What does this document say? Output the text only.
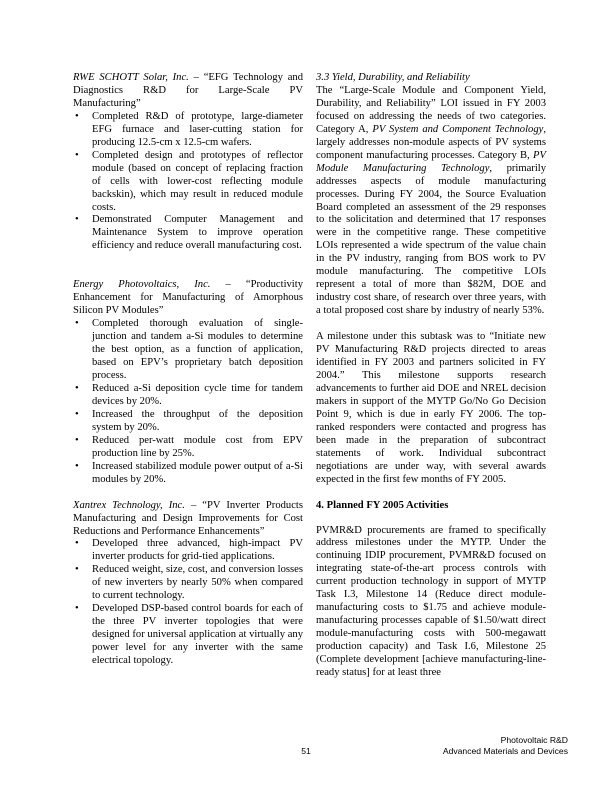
RWE SCHOTT Solar, Inc. – “EFG Technology and Diagnostics R&D for Large-Scale PV Manufacturing”

• Completed R&D of prototype, large-diameter EFG furnace and laser-cutting station for producing 12.5-cm x 12.5-cm wafers.
• Completed design and prototypes of reflector module (based on concept of replacing fraction of cells with lower-cost reflecting module backskin), which may result in reduced module costs.
• Demonstrated Computer Management and Maintenance System to improve operation efficiency and reduce overall manufacturing cost.

Energy Photovoltaics, Inc. – “Productivity Enhancement for Manufacturing of Amorphous Silicon PV Modules”

• Completed thorough evaluation of single-junction and tandem a-Si modules to determine the best option, as a function of application, based on EPV’s proprietary batch deposition process.
• Reduced a-Si deposition cycle time for tandem devices by 20%.
• Increased the throughput of the deposition system by 20%.
• Reduced per-watt module cost from EPV production line by 25%.
• Increased stabilized module power output of a-Si modules by 20%.

Xantrex Technology, Inc. – “PV Inverter Products Manufacturing and Design Improvements for Cost Reductions and Performance Enhancements”

• Developed three advanced, high-impact PV inverter products for grid-tied applications.
• Reduced weight, size, cost, and conversion losses of new inverters by nearly 50% when compared to current technology.
• Developed DSP-based control boards for each of the three PV inverter topologies that were designed for universal application at virtually any power level for any inverter with the same electrical topology.

3.3 Yield, Durability, and Reliability

The “Large-Scale Module and Component Yield, Durability, and Reliability” LOI issued in FY 2003 focused on addressing the needs of two categories. Category A, PV System and Component Technology, largely addresses non-module aspects of PV systems component manufacturing processes. Category B, PV Module Manufacturing Technology, primarily addresses aspects of module manufacturing processes. During FY 2004, the Source Evaluation Board completed an assessment of the 29 responses to the solicitation and determined that 17 responses were in the competitive range. These competitive LOIs represented a wide spectrum of the value chain in the PV industry, ranging from BOS work to PV module manufacturing. The competitive LOIs represent a total of more than $82M, DOE and industry cost share, of research over three years, with a total proposed cost share by industry of nearly 53%.

A milestone under this subtask was to “Initiate new PV Manufacturing R&D projects directed to areas identified in FY 2003 and partners solicited in FY 2004.” This milestone supports research advancements to further aid DOE and NREL decision makers in support of the MYTP Go/No Go Decision Point 9, which is due in early FY 2006. The top-ranked responders were contacted and progress has been made in the preparation of subcontract statements of work. Individual subcontract negotiations are under way, with several awards expected in the first few months of FY 2005.

4. Planned FY 2005 Activities

PVMR&D procurements are framed to specifically address milestones under the MYTP. Under the continuing IDIP procurement, PVMR&D focused on integrating state-of-the-art process controls with current production technology in support of MYTP Task I.3, Milestone 14 (Reduce direct module-manufacturing costs to $1.75 and achieve module-manufacturing processes capable of $1.50/watt direct module-manufacturing costs with 500-megawatt production capacity) and Task I.6, Milestone 25 (Complete development [achieve manufacturing-line-ready status] for at least three

Photovoltaic R&D
Advanced Materials and Devices
51
